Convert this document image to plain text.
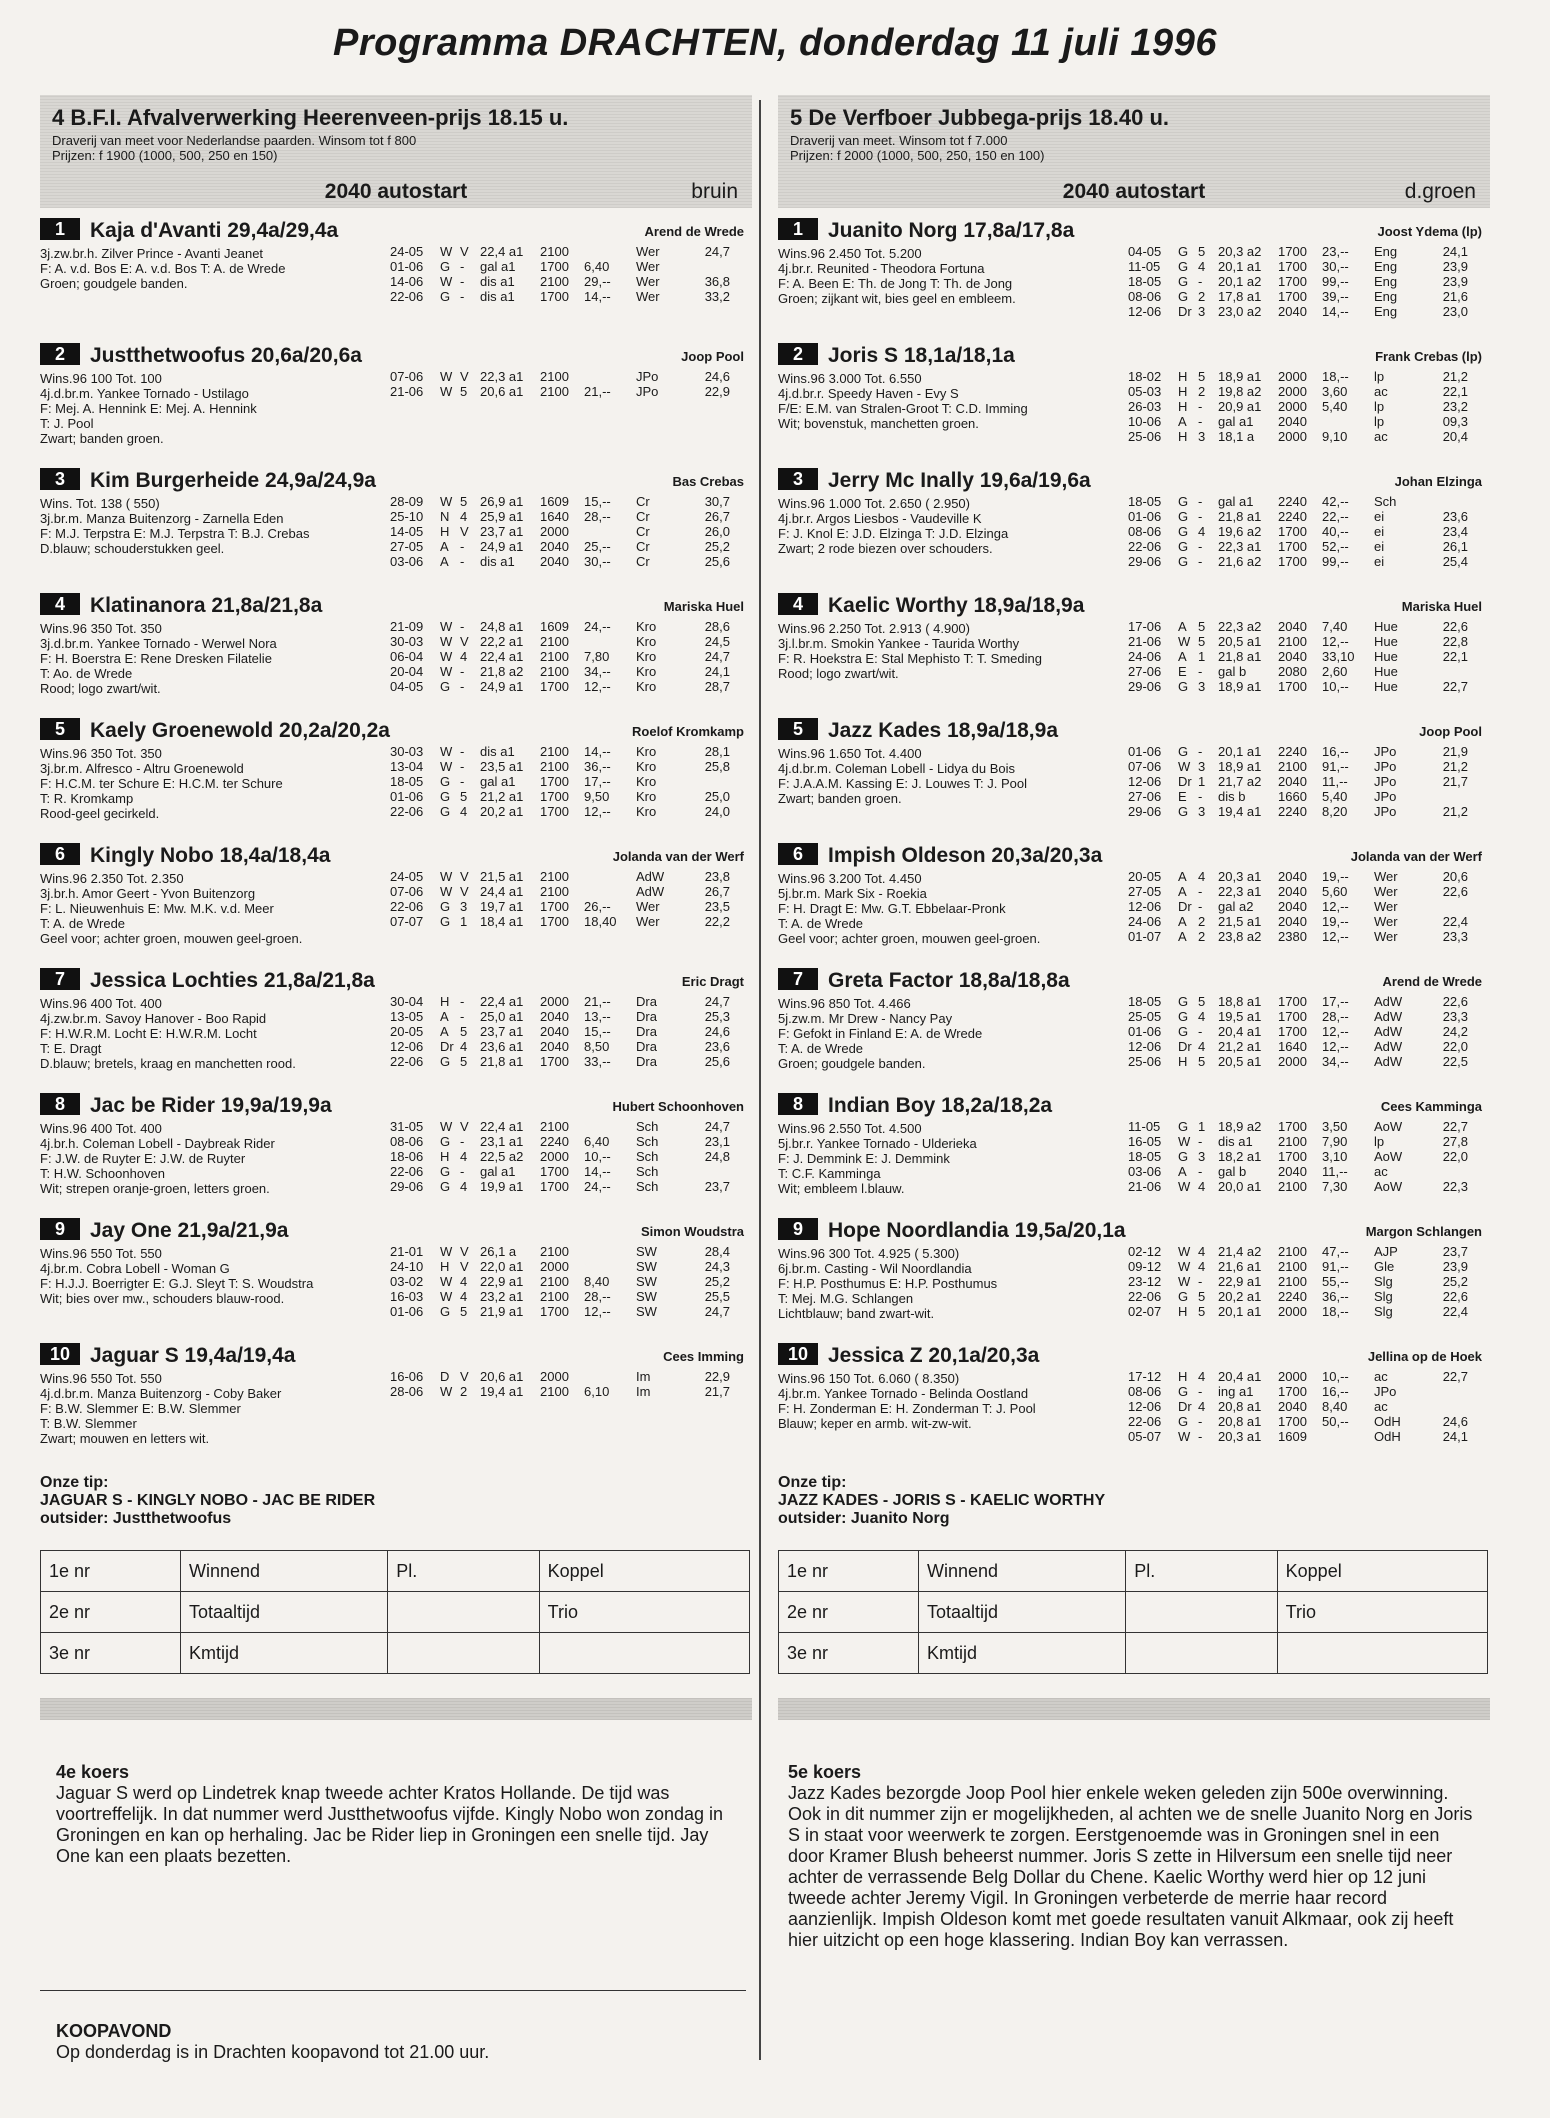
Programma DRACHTEN, donderdag 11 juli 1996
4 B.F.I. Afvalverwerking Heerenveen-prijs 18.15 u.
Draverij van meet voor Nederlandse paarden. Winsom tot f 800
Prijzen: f 1900 (1000, 500, 250 en 150)
2040 autostart	bruin
1 Kaja d'Avanti 29,4a/29,4a	Arend de Wrede
3j.zw.br.h. Zilver Prince - Avanti Jeanet
F: A. v.d. Bos E: A. v.d. Bos T: A. de Wrede
Groen; goudgele banden.
24-05 W V 22,4 a1 2100	Wer	24,7
01-06 G - gal a1 1700 6,40 Wer
14-06 W - dis a1 2100 29,-- Wer	36,8
22-06 G - dis a1 1700 14,-- Wer	33,2
2 Justthetwoofus 20,6a/20,6a	Joop Pool
Wins.96 100 Tot. 100
4j.d.br.m. Yankee Tornado - Ustilago
F: Mej. A. Hennink E: Mej. A. Hennink
T: J. Pool
Zwart; banden groen.
07-06 W V 22,3 a1 2100	JPo	24,6
21-06 W 5 20,6 a1 2100 21,-- JPo	22,9
3 Kim Burgerheide 24,9a/24,9a	Bas Crebas
Wins. Tot. 138 ( 550)
3j.br.m. Manza Buitenzorg - Zarnella Eden
F: M.J. Terpstra E: M.J. Terpstra T: B.J. Crebas
D.blauw; schouderstukken geel.
28-09 W 5 26,9 a1 1609 15,-- Cr	30,7
25-10 N 4 25,9 a1 1640 28,-- Cr	26,7
14-05 H V 23,7 a1 2000	Cr	26,0
27-05 A - 24,9 a1 2040 25,-- Cr	25,2
03-06 A - dis a1 2040 30,-- Cr	25,6
4 Klatinanora 21,8a/21,8a	Mariska Huel
Wins.96 350 Tot. 350
3j.d.br.m. Yankee Tornado - Werwel Nora
F: H. Boerstra E: Rene Dresken Filatelie
T: Ao. de Wrede
Rood; logo zwart/wit.
21-09 W - 24,8 a1 1609 24,-- Kro	28,6
30-03 W V 22,2 a1 2100	Kro	24,5
06-04 W 4 22,4 a1 2100 7,80 Kro	24,7
20-04 W - 21,8 a2 2100 34,-- Kro	24,1
04-05 G - 24,9 a1 1700 12,-- Kro	28,7
5 Kaely Groenewold 20,2a/20,2a	Roelof Kromkamp
Wins.96 350 Tot. 350
3j.br.m. Alfresco - Altru Groenewold
F: H.C.M. ter Schure E: H.C.M. ter Schure
T: R. Kromkamp
Rood-geel gecirkeld.
30-03 W - dis a1 2100 14,-- Kro	28,1
13-04 W - 23,5 a1 2100 36,-- Kro	25,8
18-05 G - gal a1 1700 17,-- Kro
01-06 G 5 21,2 a1 1700 9,50 Kro	25,0
22-06 G 4 20,2 a1 1700 12,-- Kro	24,0
6 Kingly Nobo 18,4a/18,4a	Jolanda van der Werf
Wins.96 2.350 Tot. 2.350
3j.br.h. Amor Geert - Yvon Buitenzorg
F: L. Nieuwenhuis E: Mw. M.K. v.d. Meer
T: A. de Wrede
Geel voor; achter groen, mouwen geel-groen.
24-05 W V 21,5 a1 2100	AdW	23,8
07-06 W V 24,4 a1 2100	AdW	26,7
22-06 G 3 19,7 a1 1700 26,-- Wer	23,5
07-07 G 1 18,4 a1 1700 18,40 Wer	22,2
7 Jessica Lochties 21,8a/21,8a	Eric Dragt
Wins.96 400 Tot. 400
4j.zw.br.m. Savoy Hanover - Boo Rapid
F: H.W.R.M. Locht E: H.W.R.M. Locht
T: E. Dragt
D.blauw; bretels, kraag en manchetten rood.
30-04 H - 22,4 a1 2000 21,-- Dra	24,7
13-05 A - 25,0 a1 2040 13,-- Dra	25,3
20-05 A 5 23,7 a1 2040 15,-- Dra	24,6
12-06 Dr 4 23,6 a1 2040 8,50 Dra	23,6
22-06 G 5 21,8 a1 1700 33,-- Dra	25,6
8 Jac be Rider 19,9a/19,9a	Hubert Schoonhoven
Wins.96 400 Tot. 400
4j.br.h. Coleman Lobell - Daybreak Rider
F: J.W. de Ruyter E: J.W. de Ruyter
T: H.W. Schoonhoven
Wit; strepen oranje-groen, letters groen.
31-05 W V 22,4 a1 2100	Sch	24,7
08-06 G - 23,1 a1 2240 6,40 Sch	23,1
18-06 H 4 22,5 a2 2000 10,-- Sch	24,8
22-06 G - gal a1 1700 14,-- Sch
29-06 G 4 19,9 a1 1700 24,-- Sch	23,7
9 Jay One 21,9a/21,9a	Simon Woudstra
Wins.96 550 Tot. 550
4j.br.m. Cobra Lobell - Woman G
F: H.J.J. Boerrigter E: G.J. Sleyt T: S. Woudstra
Wit; bies over mw., schouders blauw-rood.
21-01 W V 26,1 a 2100	SW	28,4
24-10 H V 22,0 a1 2000	SW	24,3
03-02 W 4 22,9 a1 2100 8,40 SW	25,2
16-03 W 4 23,2 a1 2100 28,-- SW	25,5
01-06 G 5 21,9 a1 1700 12,-- SW	24,7
10 Jaguar S 19,4a/19,4a	Cees Imming
Wins.96 550 Tot. 550
4j.d.br.m. Manza Buitenzorg - Coby Baker
F: B.W. Slemmer E: B.W. Slemmer
T: B.W. Slemmer
Zwart; mouwen en letters wit.
16-06 D V 20,6 a1 2000	Im	22,9
28-06 W 2 19,4 a1 2100 6,10 Im	21,7
Onze tip:
JAGUAR S - KINGLY NOBO - JAC BE RIDER
outsider: Justthetwoofus
1e nr	Winnend	Pl.	Koppel
2e nr	Totaaltijd		Trio
3e nr	Kmtijd		
4e koers
Jaguar S werd op Lindetrek knap tweede achter Kratos Hollande. De tijd was voortreffelijk. In dat nummer werd Justthetwoofus vijfde. Kingly Nobo won zondag in Groningen en kan op herhaling. Jac be Rider liep in Groningen een snelle tijd. Jay One kan een plaats bezetten.
5 De Verfboer Jubbega-prijs 18.40 u.
Draverij van meet. Winsom tot f 7.000
Prijzen: f 2000 (1000, 500, 250, 150 en 100)
2040 autostart	d.groen
1 Juanito Norg 17,8a/17,8a	Joost Ydema (lp)
Wins.96 2.450 Tot. 5.200
4j.br.r. Reunited - Theodora Fortuna
F: A. Been E: Th. de Jong T: Th. de Jong
Groen; zijkant wit, bies geel en embleem.
04-05 G 5 20,3 a2 1700 23,-- Eng	24,1
11-05 G 4 20,1 a1 1700 30,-- Eng	23,9
18-05 G - 20,1 a2 1700 99,-- Eng	23,9
08-06 G 2 17,8 a1 1700 39,-- Eng	21,6
12-06 Dr 3 23,0 a2 2040 14,-- Eng	23,0
2 Joris S 18,1a/18,1a	Frank Crebas (lp)
Wins.96 3.000 Tot. 6.550
4j.d.br.r. Speedy Haven - Evy S
F/E: E.M. van Stralen-Groot T: C.D. Imming
Wit; bovenstuk, manchetten groen.
18-02 H 5 18,9 a1 2000 18,-- lp	21,2
05-03 H 2 19,8 a2 2000 3,60 ac	22,1
26-03 H - 20,9 a1 2000 5,40 lp	23,2
10-06 A - gal a1 2040	lp	09,3
25-06 H 3 18,1 a 2000 9,10 ac	20,4
3 Jerry Mc Inally 19,6a/19,6a	Johan Elzinga
Wins.96 1.000 Tot. 2.650 ( 2.950)
4j.br.r. Argos Liesbos - Vaudeville K
F: J. Knol E: J.D. Elzinga T: J.D. Elzinga
Zwart; 2 rode biezen over schouders.
18-05 G - gal a1 2240 42,-- Sch
01-06 G - 21,8 a1 2240 22,-- ei	23,6
08-06 G 4 19,6 a2 1700 40,-- ei	23,4
22-06 G - 22,3 a1 1700 52,-- ei	26,1
29-06 G - 21,6 a2 1700 99,-- ei	25,4
4 Kaelic Worthy 18,9a/18,9a	Mariska Huel
Wins.96 2.250 Tot. 2.913 ( 4.900)
3j.l.br.m. Smokin Yankee - Taurida Worthy
F: R. Hoekstra E: Stal Mephisto T: T. Smeding
Rood; logo zwart/wit.
17-06 A 5 22,3 a2 2040 7,40 Hue	22,6
21-06 W 5 20,5 a1 2100 12,-- Hue	22,8
24-06 A 1 21,8 a1 2040 33,10 Hue	22,1
27-06 E - gal b 2080 2,60 Hue
29-06 G 3 18,9 a1 1700 10,-- Hue	22,7
5 Jazz Kades 18,9a/18,9a	Joop Pool
Wins.96 1.650 Tot. 4.400
4j.d.br.m. Coleman Lobell - Lidya du Bois
F: J.A.A.M. Kassing E: J. Louwes T: J. Pool
Zwart; banden groen.
01-06 G - 20,1 a1 2240 16,-- JPo	21,9
07-06 W 3 18,9 a1 2100 91,-- JPo	21,2
12-06 Dr 1 21,7 a2 2040 11,-- JPo	21,7
27-06 E - dis b	1660 5,40 JPo
29-06 G 3 19,4 a1 2240 8,20 JPo	21,2
6 Impish Oldeson 20,3a/20,3a	Jolanda van der Werf
Wins.96 3.200 Tot. 4.450
5j.br.m. Mark Six - Roekia
F: H. Dragt E: Mw. G.T. Ebbelaar-Pronk
T: A. de Wrede
Geel voor; achter groen, mouwen geel-groen.
20-05 A 4 20,3 a1 2040 19,-- Wer	20,6
27-05 A - 22,3 a1 2040 5,60 Wer	22,6
12-06 Dr - gal a2 2040 12,-- Wer
24-06 A 2 21,5 a1 2040 19,-- Wer	22,4
01-07 A 2 23,8 a2 2380 12,-- Wer	23,3
7 Greta Factor 18,8a/18,8a	Arend de Wrede
Wins.96 850 Tot. 4.466
5j.zw.m. Mr Drew - Nancy Pay
F: Gefokt in Finland E: A. de Wrede
T: A. de Wrede
Groen; goudgele banden.
18-05 G 5 18,8 a1 1700 17,-- AdW	22,6
25-05 G 4 19,5 a1 1700 28,-- AdW	23,3
01-06 G - 20,4 a1 1700 12,-- AdW	24,2
12-06 Dr 4 21,2 a1 1640 12,-- AdW	22,0
25-06 H 5 20,5 a1 2000 34,-- AdW	22,5
8 Indian Boy 18,2a/18,2a	Cees Kamminga
Wins.96 2.550 Tot. 4.500
5j.br.r. Yankee Tornado - Ulderieka
F: J. Demmink E: J. Demmink
T: C.F. Kamminga
Wit; embleem l.blauw.
11-05 G 1 18,9 a2 1700 3,50 AoW	22,7
16-05 W - dis a1 2100 7,90 lp	27,8
18-05 G 3 18,2 a1 1700 3,10 AoW	22,0
03-06 A - gal b 2040 11,-- ac
21-06 W 4 20,0 a1 2100 7,30 AoW	22,3
9 Hope Noordlandia 19,5a/20,1a	Margon Schlangen
Wins.96 300 Tot. 4.925 ( 5.300)
6j.br.m. Casting - Wil Noordlandia
F: H.P. Posthumus E: H.P. Posthumus
T: Mej. M.G. Schlangen
Lichtblauw; band zwart-wit.
02-12 W 4 21,4 a2 2100 47,-- AJP	23,7
09-12 W 4 21,6 a1 2100 91,-- Gle	23,9
23-12 W - 22,9 a1 2100 55,-- Slg	25,2
22-06 G 5 20,2 a1 2240 36,-- Slg	22,6
02-07 H 5 20,1 a1 2000 18,-- Slg	22,4
10 Jessica Z 20,1a/20,3a	Jellina op de Hoek
Wins.96 150 Tot. 6.060 ( 8.350)
4j.br.m. Yankee Tornado - Belinda Oostland
F: H. Zonderman E: H. Zonderman T: J. Pool
Blauw; keper en armb. wit-zw-wit.
17-12 H 4 20,4 a1 2000 10,-- ac	22,7
08-06 G - ing a1 1700 16,-- JPo
12-06 Dr 4 20,8 a1 2040 8,40 ac
22-06 G - 20,8 a1 1700 50,-- OdH	24,6
05-07 W - 20,3 a1 1609	OdH	24,1
Onze tip:
JAZZ KADES - JORIS S - KAELIC WORTHY
outsider: Juanito Norg
1e nr	Winnend	Pl.	Koppel
2e nr	Totaaltijd		Trio
3e nr	Kmtijd		
5e koers
Jazz Kades bezorgde Joop Pool hier enkele weken geleden zijn 500e overwinning. Ook in dit nummer zijn er mogelijkheden, al achten we de snelle Juanito Norg en Joris S in staat voor weerwerk te zorgen. Eerstgenoemde was in Groningen snel in een door Kramer Blush beheerst nummer. Joris S zette in Hilversum een snelle tijd neer achter de verrassende Belg Dollar du Chene. Kaelic Worthy werd hier op 12 juni tweede achter Jeremy Vigil. In Groningen verbeterde de merrie haar record aanzienlijk. Impish Oldeson komt met goede resultaten vanuit Alkmaar, ook zij heeft hier uitzicht op een hoge klassering. Indian Boy kan verrassen.
KOOPAVOND
Op donderdag is in Drachten koopavond tot 21.00 uur.
